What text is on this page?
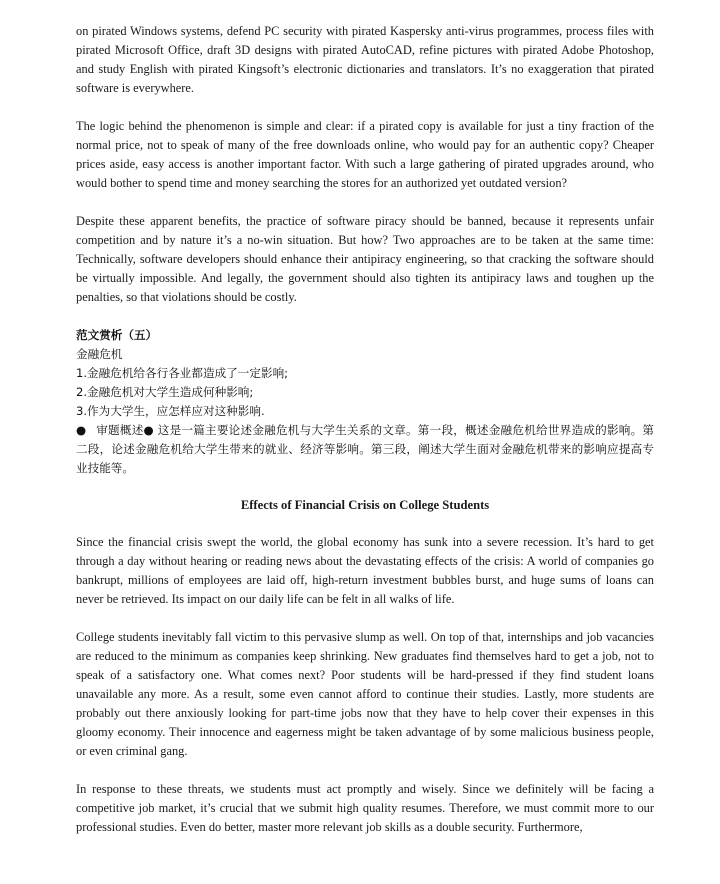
on pirated Windows systems, defend PC security with pirated Kaspersky anti-virus programmes, process files with pirated Microsoft Office, draft 3D designs with pirated AutoCAD, refine pictures with pirated Adobe Photoshop, and study English with pirated Kingsoft’s electronic dictionaries and translators. It’s no exaggeration that pirated software is everywhere.

The logic behind the phenomenon is simple and clear: if a pirated copy is available for just a tiny fraction of the normal price, not to speak of many of the free downloads online, who would pay for an authentic copy? Cheaper prices aside, easy access is another important factor. With such a large gathering of pirated upgrades around, who would bother to spend time and money searching the stores for an authorized yet outdated version?

Despite these apparent benefits, the practice of software piracy should be banned, because it represents unfair competition and by nature it’s a no-win situation. But how? Two approaches are to be taken at the same time: Technically, software developers should enhance their antipiracy engineering, so that cracking the software should be virtually impossible. And legally, the government should also tighten its antipiracy laws and toughen up the penalties, so that violations should be costly.

范文赏析（五）

金融危机

1.金融危机给各行各业都造成了一定影响;

2.金融危机对大学生造成何种影响;

3.作为大学生，应怎样应对这种影响.

● 审题概述● 这是一篇主要论述金融危机与大学生关系的文章。第一段，概述金融危机给世界造成的影响。第二段，论述金融危机给大学生带来的就业、经济等影响。第三段，阐述大学生面对金融危机带来的影响应提高专业技能等。

Effects of Financial Crisis on College Students

Since the financial crisis swept the world, the global economy has sunk into a severe recession. It’s hard to get through a day without hearing or reading news about the devastating effects of the crisis: A world of companies go bankrupt, millions of employees are laid off, high-return investment bubbles burst, and huge sums of loans can never be retrieved. Its impact on our daily life can be felt in all walks of life.

College students inevitably fall victim to this pervasive slump as well. On top of that, internships and job vacancies are reduced to the minimum as companies keep shrinking. New graduates find themselves hard to get a job, not to speak of a satisfactory one. What comes next? Poor students will be hard-pressed if they find student loans unavailable any more. As a result, some even cannot afford to continue their studies. Lastly, more students are probably out there anxiously looking for part-time jobs now that they have to help cover their expenses in this gloomy economy. Their innocence and eagerness might be taken advantage of by some malicious business people, or even criminal gang.

In response to these threats, we students must act promptly and wisely. Since we definitely will be facing a competitive job market, it’s crucial that we submit high quality resumes. Therefore, we must commit more to our professional studies. Even do better, master more relevant job skills as a double security. Furthermore,
